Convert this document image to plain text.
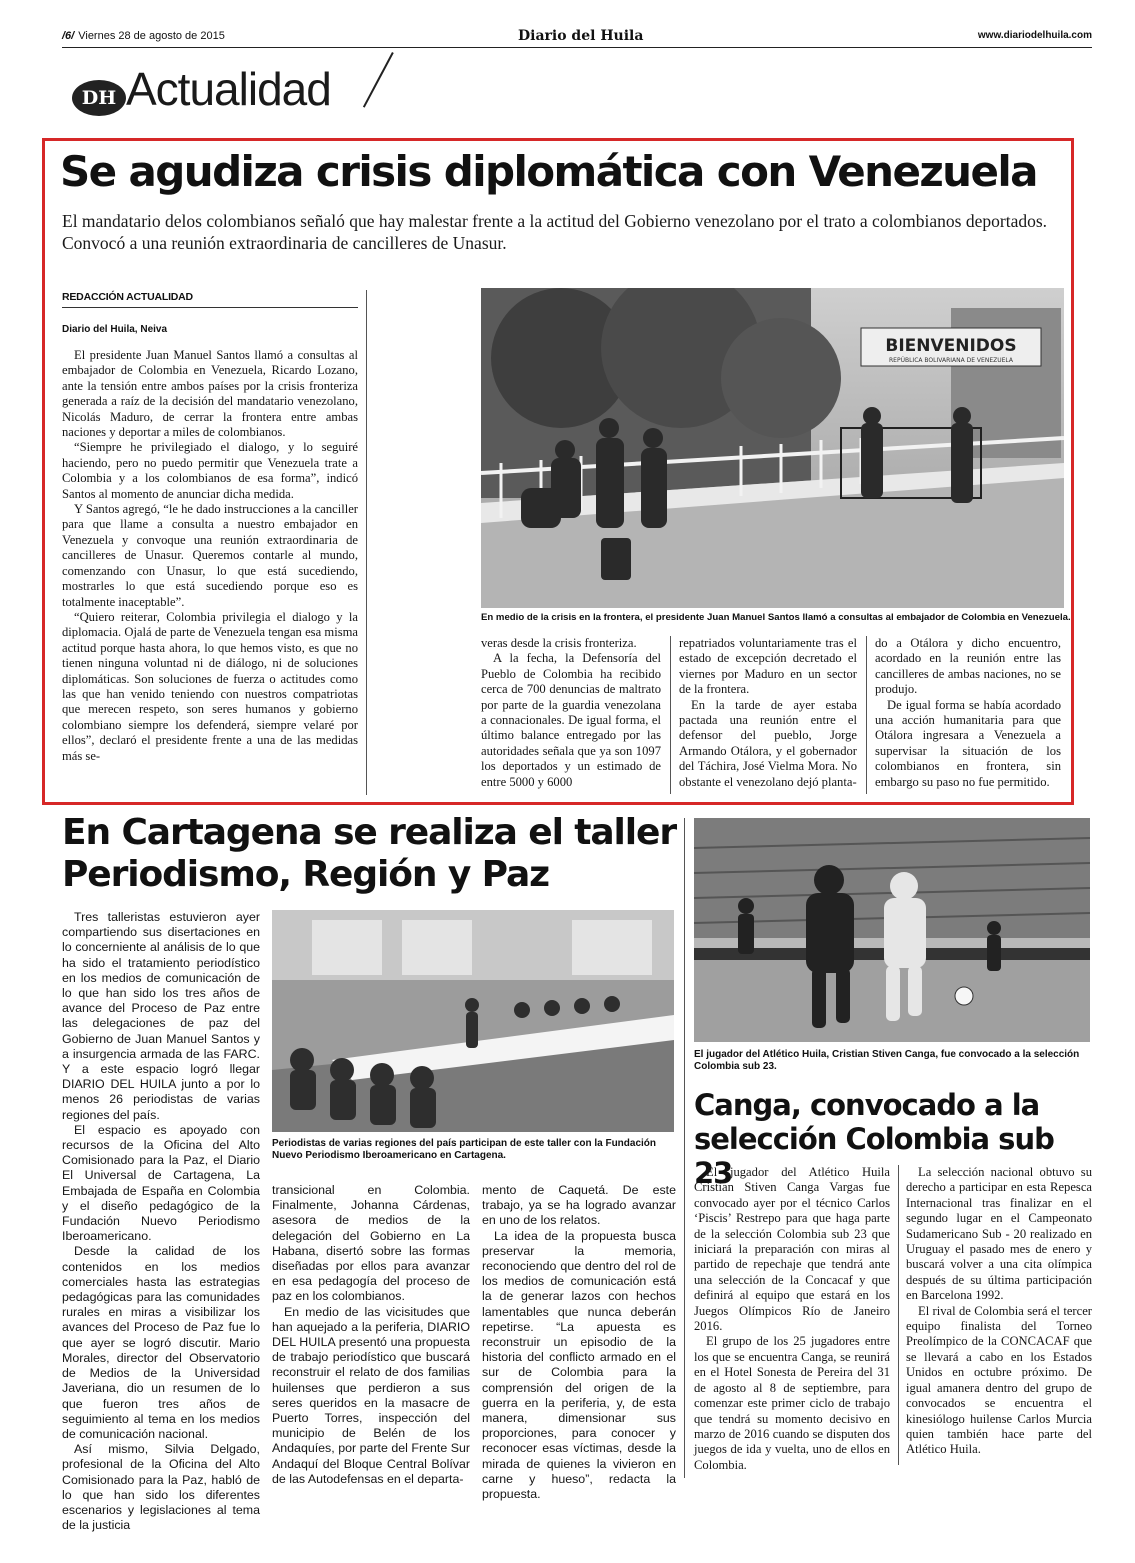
/6/ Viernes 28 de agosto de 2015	Diario del Huila	www.diariodelhuila.com
DH Actualidad
Se agudiza crisis diplomática con Venezuela

El mandatario delos colombianos señaló que hay malestar frente a la actitud del Gobierno venezolano por el trato a colombianos deportados. Convocó a una reunión extraordinaria de cancilleres de Unasur.

REDACCIÓN ACTUALIDAD
Diario del Huila, Neiva

El presidente Juan Manuel Santos llamó a consultas al embajador de Colombia en Venezuela, Ricardo Lozano, ante la tensión entre ambos países por la crisis fronteriza generada a raíz de la decisión del mandatario venezolano, Nicolás Maduro, de cerrar la frontera entre ambas naciones y deportar a miles de colombianos.

“Siempre he privilegiado el dialogo, y lo seguiré haciendo, pero no puedo permitir que Venezuela trate a Colombia y a los colombianos de esa forma”, indicó Santos al momento de anunciar dicha medida.

Y Santos agregó, “le he dado instrucciones a la canciller para que llame a consulta a nuestro embajador en Venezuela y convoque una reunión extraordinaria de cancilleres de Unasur. Queremos contarle al mundo, comenzando con Unasur, lo que está sucediendo, mostrarles lo que está sucediendo porque eso es totalmente inaceptable”.

“Quiero reiterar, Colombia privilegia el dialogo y la diplomacia. Ojalá de parte de Venezuela tengan esa misma actitud porque hasta ahora, lo que hemos visto, es que no tienen ninguna voluntad ni de diálogo, ni de soluciones diplomáticas. Son soluciones de fuerza o actitudes como las que han venido teniendo con nuestros compatriotas que merecen respeto, son seres humanos y gobierno colombiano siempre los defenderá, siempre velaré por ellos”, declaró el presidente frente a una de las medidas más se-

BIENVENIDOS
REPÚBLICA BOLIVARIANA DE VENEZUELA
En medio de la crisis en la frontera, el presidente Juan Manuel Santos llamó a consultas al embajador de Colombia en Venezuela.

veras desde la crisis fronteriza.

A la fecha, la Defensoría del Pueblo de Colombia ha recibido cerca de 700 denuncias de maltrato por parte de la guardia venezolana a connacionales. De igual forma, el último balance entregado por las autoridades señala que ya son 1097 los deportados y un estimado de entre 5000 y 6000

repatriados voluntariamente tras el estado de excepción decretado el viernes por Maduro en un sector de la frontera.

En la tarde de ayer estaba pactada una reunión entre el defensor del pueblo, Jorge Armando Otálora, y el gobernador del Táchira, José Vielma Mora. No obstante el venezolano dejó planta-

do a Otálora y dicho encuentro, acordado en la reunión entre las cancilleres de ambas naciones, no se produjo.

De igual forma se había acordado una acción humanitaria para que Otálora ingresara a Venezuela a supervisar la situación de los colombianos en frontera, sin embargo su paso no fue permitido.

En Cartagena se realiza el taller
Periodismo, Región y Paz

Tres talleristas estuvieron ayer compartiendo sus disertaciones en lo concerniente al análisis de lo que ha sido el tratamiento periodístico en los medios de comunicación de lo que han sido los tres años de avance del Proceso de Paz entre las delegaciones de paz del Gobierno de Juan Manuel Santos y a insurgencia armada de las FARC. Y a este espacio logró llegar DIARIO DEL HUILA junto a por lo menos 26 periodistas de varias regiones del país.

El espacio es apoyado con recursos de la Oficina del Alto Comisionado para la Paz, el Diario El Universal de Cartagena, La Embajada de España en Colombia y el diseño pedagógico de la Fundación Nuevo Periodismo Iberoamericano.

Desde la calidad de los contenidos en los medios comerciales hasta las estrategias pedagógicas para las comunidades rurales en miras a visibilizar los avances del Proceso de Paz fue lo que ayer se logró discutir. Mario Morales, director del Observatorio de Medios de la Universidad Javeriana, dio un resumen de lo que fueron tres años de seguimiento al tema en los medios de comunicación nacional.

Así mismo, Silvia Delgado, profesional de la Oficina del Alto Comisionado para la Paz, habló de lo que han sido los diferentes escenarios y legislaciones al tema de la justicia

Periodistas de varias regiones del país participan de este taller con la Fundación Nuevo Periodismo Iberoamericano en Cartagena.

transicional en Colombia. Finalmente, Johanna Cárdenas, asesora de medios de la delegación del Gobierno en La Habana, disertó sobre las formas diseñadas por ellos para avanzar en esa pedagogía del proceso de paz en los colombianos.

En medio de las vicisitudes que han aquejado a la periferia, DIARIO DEL HUILA presentó una propuesta de trabajo periodístico que buscará reconstruir el relato de dos familias huilenses que perdieron a sus seres queridos en la masacre de Puerto Torres, inspección del municipio de Belén de los Andaquíes, por parte del Frente Sur Andaquí del Bloque Central Bolívar de las Autodefensas en el departa-

mento de Caquetá. De este trabajo, ya se ha logrado avanzar en uno de los relatos.

La idea de la propuesta busca preservar la memoria, reconociendo que dentro del rol de los medios de comunicación está la de generar lazos con hechos lamentables que nunca deberán repetirse. “La apuesta es reconstruir un episodio de la historia del conflicto armado en el sur de Colombia para la comprensión del origen de la guerra en la periferia, y, de esta manera, dimensionar sus proporciones, para conocer y reconocer esas víctimas, desde la mirada de quienes la vivieron en carne y hueso”, redacta la propuesta.

El jugador del Atlético Huila, Cristian Stiven Canga, fue convocado a la selección Colombia sub 23.
Canga, convocado a la
selección Colombia sub 23

El jugador del Atlético Huila Cristian Stiven Canga Vargas fue convocado ayer por el técnico Carlos ‘Piscis’ Restrepo para que haga parte de la selección Colombia sub 23 que iniciará la preparación con miras al partido de repechaje que tendrá ante una selección de la Concacaf y que definirá al equipo que estará en los Juegos Olímpicos Río de Janeiro 2016.

El grupo de los 25 jugadores entre los que se encuentra Canga, se reunirá en el Hotel Sonesta de Pereira del 31 de agosto al 8 de septiembre, para comenzar este primer ciclo de trabajo que tendrá su momento decisivo en marzo de 2016 cuando se disputen dos juegos de ida y vuelta, uno de ellos en Colombia.

La selección nacional obtuvo su derecho a participar en esta Repesca Internacional tras finalizar en el segundo lugar en el Campeonato Sudamericano Sub - 20 realizado en Uruguay el pasado mes de enero y buscará volver a una cita olímpica después de su última participación en Barcelona 1992.

El rival de Colombia será el tercer equipo finalista del Torneo Preolímpico de la CONCACAF que se llevará a cabo en los Estados Unidos en octubre próximo. De igual amanera dentro del grupo de convocados se encuentra el kinesiólogo huilense Carlos Murcia quien también hace parte del Atlético Huila.
